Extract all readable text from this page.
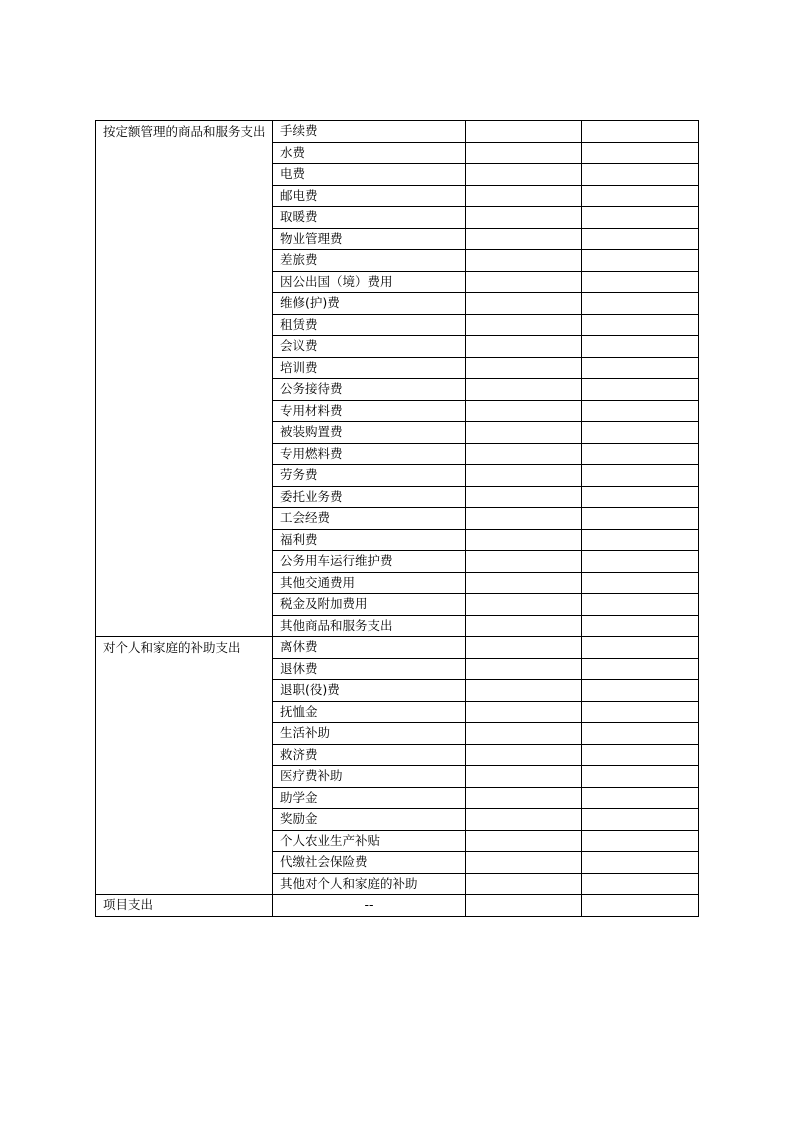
按定额管理的商品和服务支出	手续费		
	水费		
	电费		
	邮电费		
	取暖费		
	物业管理费		
	差旅费		
	因公出国（境）费用		
	维修(护)费		
	租赁费		
	会议费		
	培训费		
	公务接待费		
	专用材料费		
	被装购置费		
	专用燃料费		
	劳务费		
	委托业务费		
	工会经费		
	福利费		
	公务用车运行维护费		
	其他交通费用		
	税金及附加费用		
	其他商品和服务支出		
对个人和家庭的补助支出	离休费		
	退休费		
	退职(役)费		
	抚恤金		
	生活补助		
	救济费		
	医疗费补助		
	助学金		
	奖励金		
	个人农业生产补贴		
	代缴社会保险费		
	其他对个人和家庭的补助		
项目支出	--		
